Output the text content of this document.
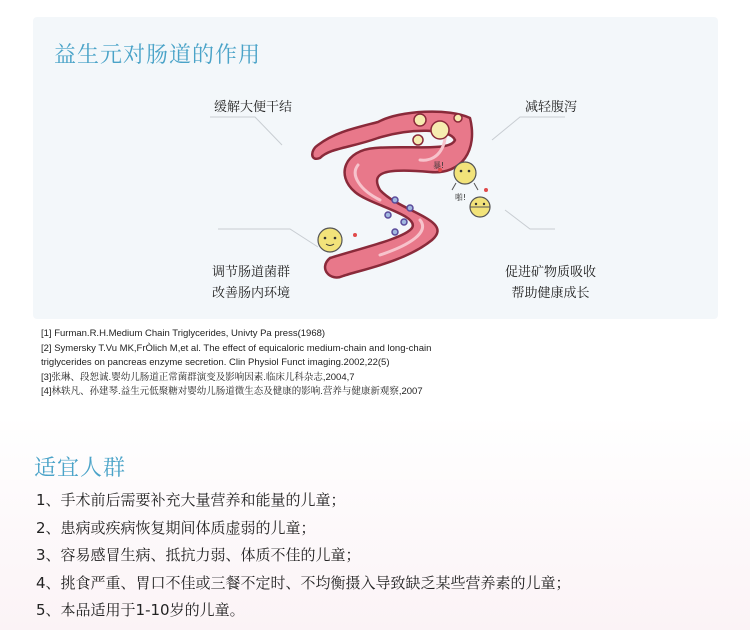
益生元对肠道的作用
暴!
啪!
缓解大便干结	减轻腹泻
调节肠道菌群
改善肠内环境
促进矿物质吸收
帮助健康成长
[1] Furman.R.H.Medium Chain Triglycerides, Univty Pa press(1968)
[2] Symersky T.Vu MK,FrÒlich M,et al. The effect of equicaloric medium-chain and long-chain
triglycerides on pancreas enzyme secretion. Clin Physiol Funct imaging.2002,22(5)
[3]张琳、段恕诚.婴幼儿肠道正常菌群演变及影响因素.临床儿科杂志,2004,7
[4]林轶凡、孙建琴.益生元低聚糖对婴幼儿肠道微生态及健康的影响.营养与健康新观察,2007
适宜人群
1、手术前后需要补充大量营养和能量的儿童；
2、患病或疾病恢复期间体质虚弱的儿童；
3、容易感冒生病、抵抗力弱、体质不佳的儿童；
4、挑食严重、胃口不佳或三餐不定时、不均衡摄入导致缺乏某些营养素的儿童；
5、本品适用于1-10岁的儿童。
